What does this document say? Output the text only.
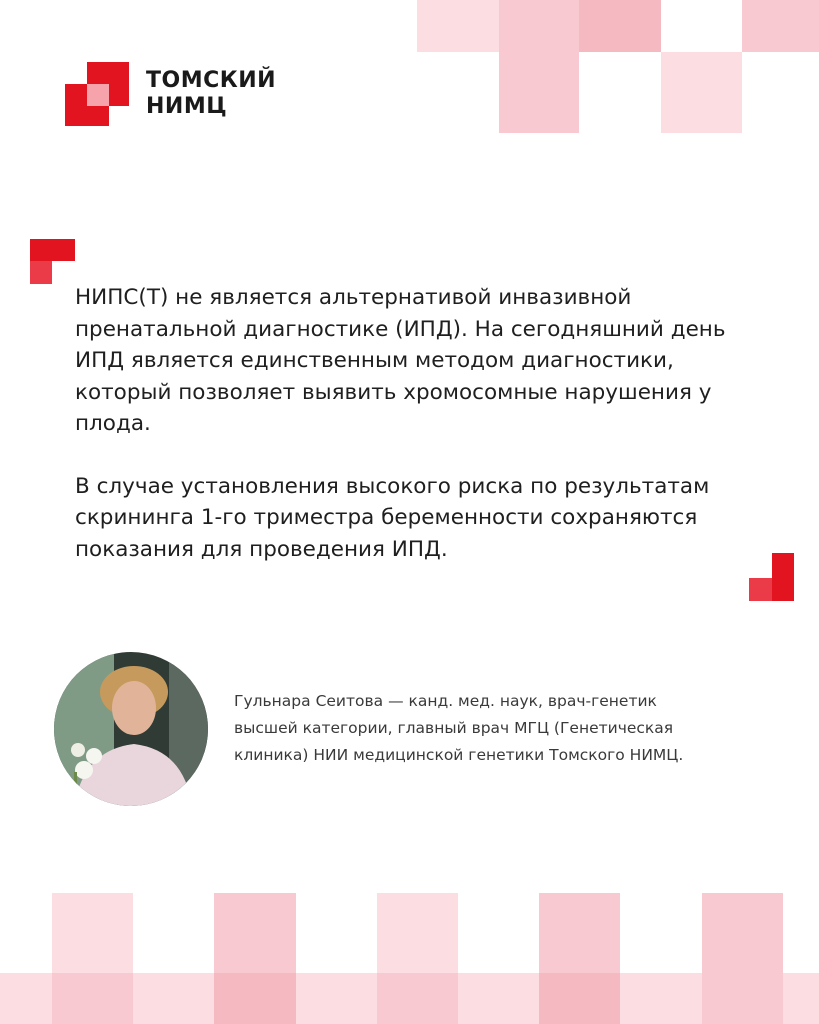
ТОМСКИЙ
НИМЦ

НИПС(Т) не является альтернативой инвазивной пренатальной диагностике (ИПД). На сегодняшний день ИПД является единственным методом диагностики, который позволяет выявить хромосомные нарушения у плода.

В случае установления высокого риска по результатам скрининга 1-го триместра беременности сохраняются показания для проведения ИПД.

Гульнара Сеитова — канд. мед. наук, врач-генетик
высшей категории, главный врач МГЦ (Генетическая
клиника) НИИ медицинской генетики Томского НИМЦ.
